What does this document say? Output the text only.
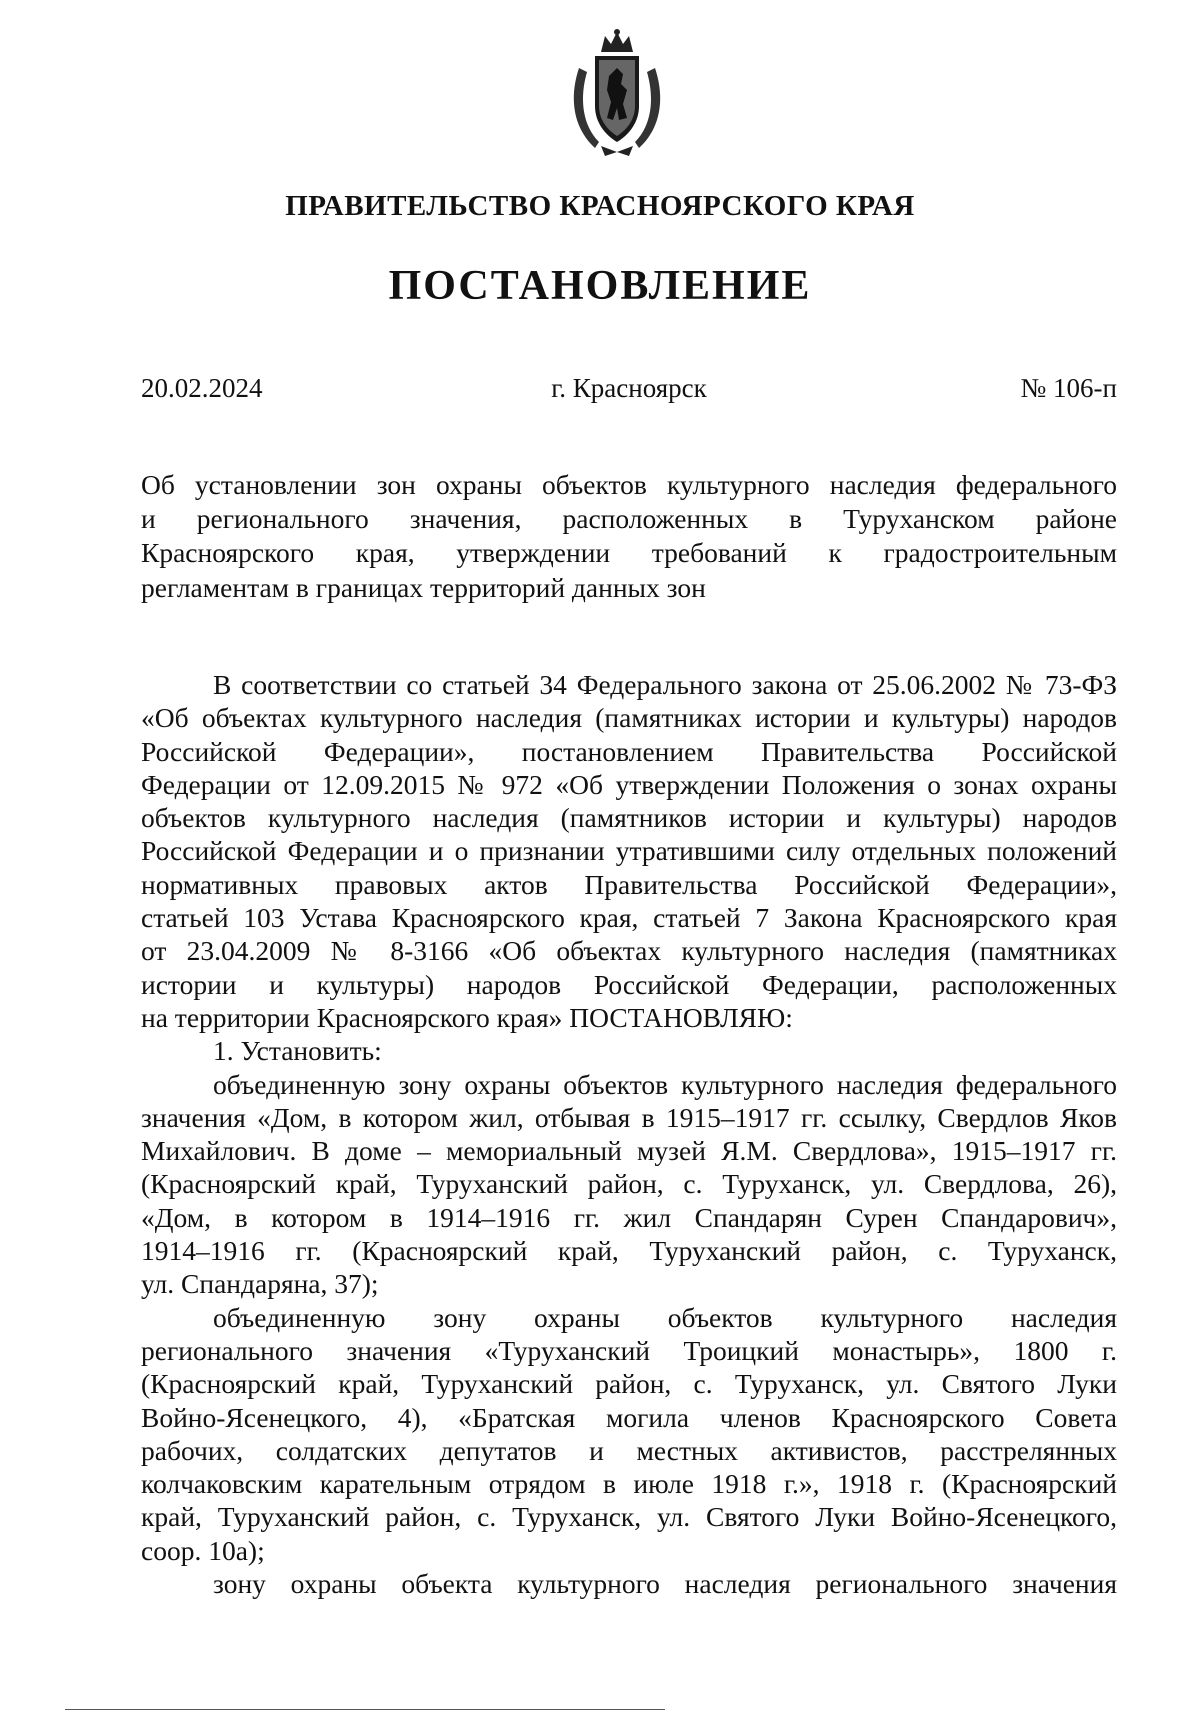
ПРАВИТЕЛЬСТВО КРАСНОЯРСКОГО КРАЯ
ПОСТАНОВЛЕНИЕ
20.02.2024	г. Красноярск	№ 106-п
Об установлении зон охраны объектов культурного наследия федерального
и регионального значения, расположенных в Туруханском районе
Красноярского края, утверждении требований к градостроительным
регламентам в границах территорий данных зон
В соответствии со статьей 34 Федерального закона от 25.06.2002 № 73-ФЗ
«Об объектах культурного наследия (памятниках истории и культуры) народов
Российской Федерации», постановлением Правительства Российской
Федерации от 12.09.2015 № 972 «Об утверждении Положения о зонах охраны
объектов культурного наследия (памятников истории и культуры) народов
Российской Федерации и о признании утратившими силу отдельных положений
нормативных правовых актов Правительства Российской Федерации»,
статьей 103 Устава Красноярского края, статьей 7 Закона Красноярского края
от 23.04.2009 № 8-3166 «Об объектах культурного наследия (памятниках
истории и культуры) народов Российской Федерации, расположенных
на территории Красноярского края» ПОСТАНОВЛЯЮ:
1. Установить:
объединенную зону охраны объектов культурного наследия федерального
значения «Дом, в котором жил, отбывая в 1915–1917 гг. ссылку, Свердлов Яков
Михайлович. В доме – мемориальный музей Я.М. Свердлова», 1915–1917 гг.
(Красноярский край, Туруханский район, с. Туруханск, ул. Свердлова, 26),
«Дом, в котором в 1914–1916 гг. жил Спандарян Сурен Спандарович»,
1914–1916 гг. (Красноярский край, Туруханский район, с. Туруханск,
ул. Спандаряна, 37);
объединенную зону охраны объектов культурного наследия
регионального значения «Туруханский Троицкий монастырь», 1800 г.
(Красноярский край, Туруханский район, с. Туруханск, ул. Святого Луки
Войно-Ясенецкого, 4), «Братская могила членов Красноярского Совета
рабочих, солдатских депутатов и местных активистов, расстрелянных
колчаковским карательным отрядом в июле 1918 г.», 1918 г. (Красноярский
край, Туруханский район, с. Туруханск, ул. Святого Луки Войно-Ясенецкого,
соор. 10а);
зону охраны объекта культурного наследия регионального значения
